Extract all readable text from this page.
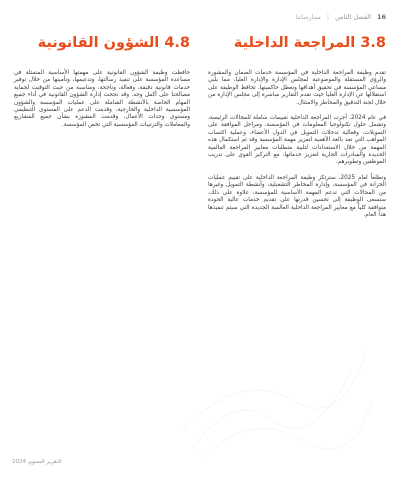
16
الفصل الثامن
|
ممارساتنا
3.8 المراجعة الداخلية

تقدم وظيفة المراجعة الداخلية في المؤسسة خدمات الضمان والمشورة والرؤى المستقلة والموضوعية لمجلس الإدارة والإدارة العليا، مما يلبي مساعي المؤسسة في تحقيق أهدافها وتعطل حاكميتها. تحافظ الوظيفة على استقلالها عن الإدارة العليا حيث تقدم التقارير مباشرة إلى مجلس الإدارة من خلال لجنة التدقيق والمخاطر والامتثال.

في عام 2024، أجرت المراجعة الداخلية تقييمات شاملة للمجالات الرئيسة، وتشمل حلول تكنولوجيا المعلومات في المؤسسة، ومراحل الموافقة على التمويلات، وفعالية تدخلات التمويل في الدول الأعضاء، وعملية اكتساب المواهب التي تعد بالغة الأهمية لتعزيز مهمة المؤسسة وقد تم استكمال هذه المهمة من خلال الاستعدادات لتلبية متطلبات معايير المراجعة العالمية الجديدة والمبادرات الجارية لتعزيز خدماتها، مع التركيز القوي على تدريب الموظفين وتطويرهم.

وتطلعاً لعام 2025، سترتكز وظيفة المراجعة الداخلية على تقييم عمليات الخزانة في المؤسسة، وإدارة المخاطر التشغيلية، وأنشطة التمويل وغيرها من المجالات التي تدعم المهمة الأساسية للمؤسسة، علاوة على ذلك، ستسعى الوظيفة إلى تحسين قدرتها على تقديم خدمات عالية الجودة متوافقة كلياً مع معايير المراجعة الداخلية العالمية الجديدة التي سيتم تنفيذها هذا العام.

4.8 الشؤون القانونية

حافظت وظيفة الشؤون القانونية على مهمتها الأساسية المتمثلة في مساعدة المؤسسة على تنفيذ رسالتها، وتدعيمها، وتأمينها من خلال توفير خدمات قانونية دقيقة، وفعالة، وناجحة، ومناسبة من حيث التوقيت لحماية مصالحنا على أكمل وجه. وقد نجحت إدارة الشؤون القانونية في أداء جميع المهام الخاصة بالأنشطة الشاملة على عمليات المؤسسة والشؤون المؤسسية الداخلية والخارجية، وقدمت الدعم على المستوى التنظيمي ومستوى وحدات الأعمال، وقدمت المشورة بشأن جميع المشاريع والمعاملات والترتيبات المؤسسية التي تخص المؤسسة.

التقرير السنوي 2024
